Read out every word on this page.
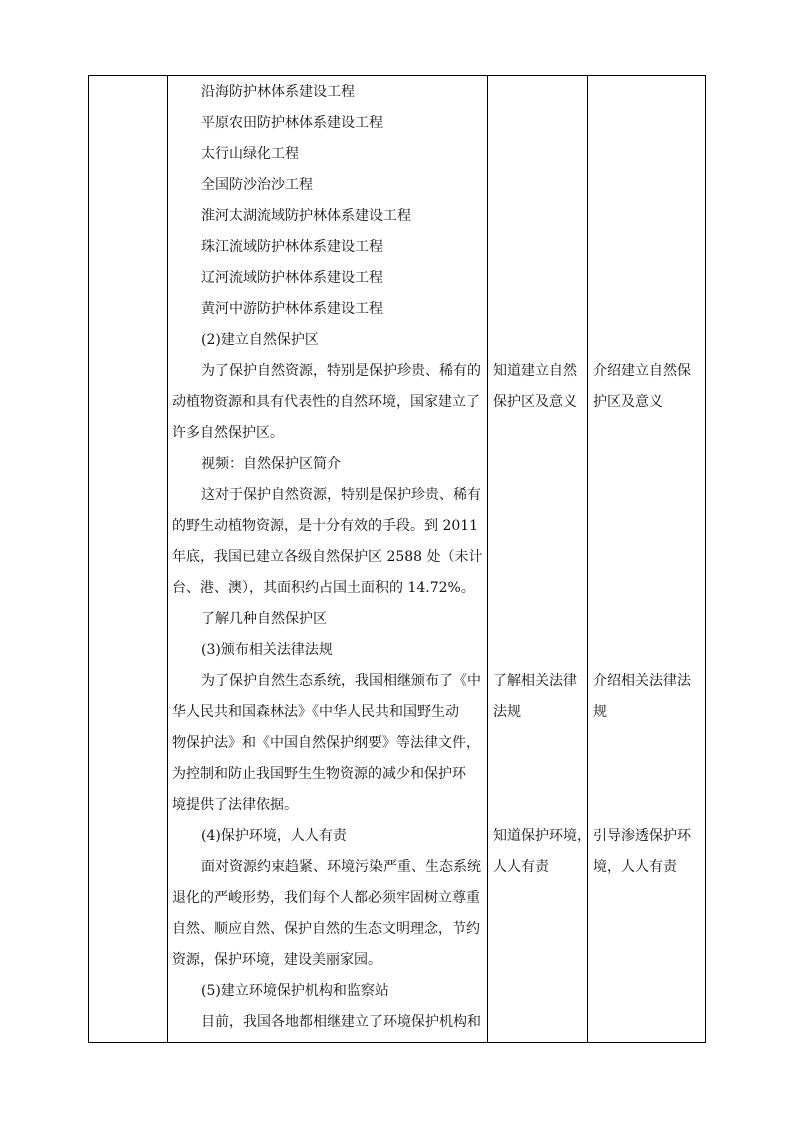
沿海防护林体系建设工程
平原农田防护林体系建设工程
太行山绿化工程
全国防沙治沙工程
淮河太湖流域防护林体系建设工程
珠江流域防护林体系建设工程
辽河流域防护林体系建设工程
黄河中游防护林体系建设工程
(2)建立自然保护区
为了保护自然资源，特别是保护珍贵、稀有的
动植物资源和具有代表性的自然环境，国家建立了
许多自然保护区。
视频：自然保护区简介
这对于保护自然资源，特别是保护珍贵、稀有
的野生动植物资源，是十分有效的手段。到 2011
年底，我国已建立各级自然保护区 2588 处（未计
台、港、澳），其面积约占国土面积的 14.72%。
了解几种自然保护区
(3)颁布相关法律法规
为了保护自然生态系统，我国相继颁布了《中
华人民共和国森林法》《中华人民共和国野生动
物保护法》和《中国自然保护纲要》等法律文件，
为控制和防止我国野生生物资源的减少和保护环
境提供了法律依据。
(4)保护环境，人人有责
面对资源约束趋紧、环境污染严重、生态系统
退化的严峻形势，我们每个人都必须牢固树立尊重
自然、顺应自然、保护自然的生态文明理念，节约
资源，保护环境，建设美丽家园。
(5)建立环境保护机构和监察站
目前，我国各地都相继建立了环境保护机构和
知道建立自然
保护区及意义
了解相关法律
法规
知道保护环境，
人人有责
介绍建立自然保
护区及意义
介绍相关法律法
规
引导渗透保护环
境，人人有责
